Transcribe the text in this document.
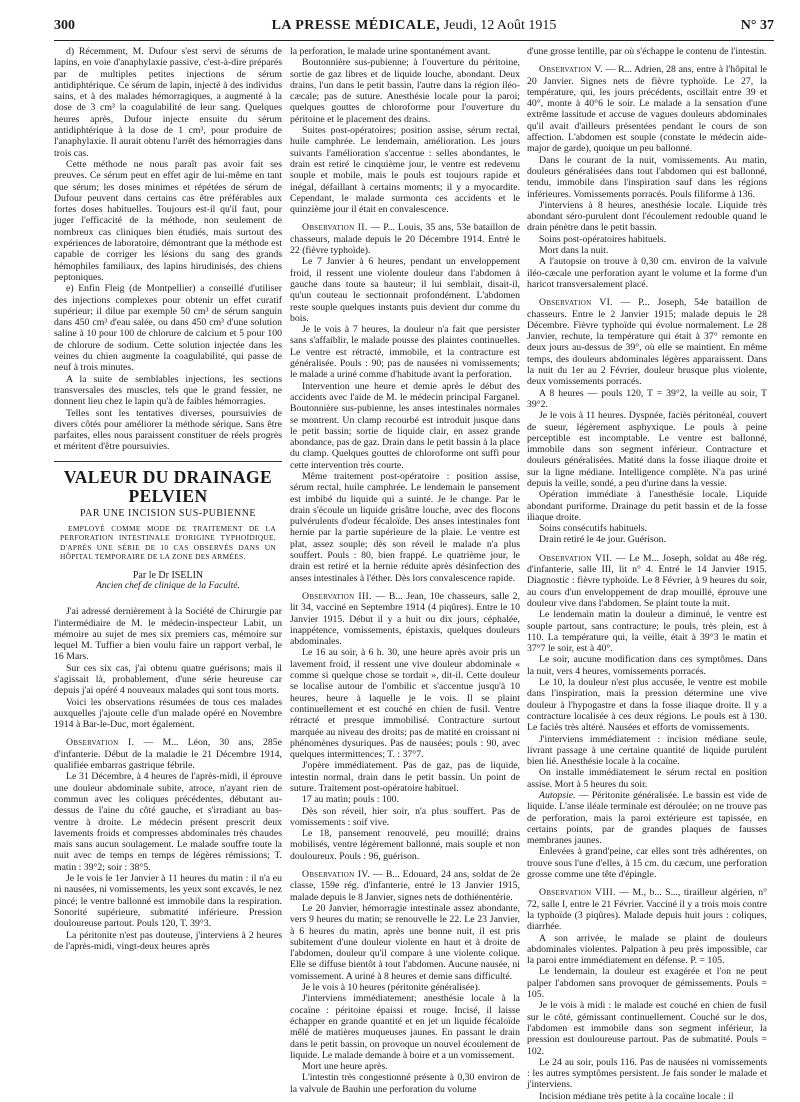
300	LA PRESSE MÉDICALE, Jeudi, 12 Août 1915	N° 37

d) Récemment, M. Dufour s'est servi de sérums de lapins, en voie d'anaphylaxie passive, c'est-à-dire préparés par de multiples petites injections de sérum antidiphtérique. Ce sérum de lapin, injecté à des individus sains, et à des malades hémorragiques, a augmenté à la dose de 3 cm³ la coagulabilité de leur sang. Quelques heures après, Dufour injecte ensuite du sérum antidiphtérique à la dose de 1 cm³, pour produire de l'anaphylaxie. Il aurait obtenu l'arrêt des hémorragies dans trois cas.

Cette méthode ne nous paraît pas avoir fait ses preuves. Ce sérum peut en effet agir de lui-même en tant que sérum; les doses minimes et répétées de sérum de Dufour peuvent dans certains cas être préférables aux fortes doses habituelles. Toujours est-il qu'il faut, pour juger l'efficacité de la méthode, non seulement de nombreux cas cliniques bien étudiés, mais surtout des expériences de laboratoire, démontrant que la méthode est capable de corriger les lésions du sang des grands hémophiles familiaux, des lapins hirudinisés, des chiens peptoniques.

e) Enfin Fleig (de Montpellier) a conseillé d'utiliser des injections complexes pour obtenir un effet curatif supérieur; il dilue par exemple 50 cm³ de sérum sanguin dans 450 cm³ d'eau salée, ou dans 450 cm³ d'une solution saline à 10 pour 100 de chlorure de calcium et 5 pour 100 de chlorure de sodium. Cette solution injectée dans les veines du chien augmente la coagulabilité, qui passe de neuf à trois minutes.

A la suite de semblables injections, les sections transversales des muscles, tels que le grand fessier, ne donnent lieu chez le lapin qu'à de faibles hémorragies.

Telles sont les tentatives diverses, poursuivies de divers côtés pour améliorer la méthode sérique. Sans être parfaites, elles nous paraissent constituer de réels progrès et méritent d'être poursuivies.

VALEUR DU DRAINAGE PELVIEN
PAR UNE INCISION SUS-PUBIENNE
EMPLOYÉ COMME MODE DE TRAITEMENT DE LA PERFORATION INTESTINALE D'ORIGINE TYPHOÏDIQUE, D'APRÈS UNE SÉRIE DE 10 CAS OBSERVÉS DANS UN HÔPITAL TEMPORAIRE DE LA ZONE DES ARMÉES.
Par le Dr ISELIN
Ancien chef de clinique de la Faculté.

J'ai adressé dernièrement à la Société de Chirurgie par l'intermédiaire de M. le médecin-inspecteur Labit, un mémoire au sujet de mes six premiers cas, mémoire sur lequel M. Tuffier a bien voulu faire un rapport verbal, le 16 Mars.

Sur ces six cas, j'ai obtenu quatre guérisons; mais il s'agissait là, probablement, d'une série heureuse car depuis j'ai opéré 4 nouveaux malades qui sont tous morts.

Voici les observations résumées de tous ces malades auxquelles j'ajoute celle d'un malade opéré en Novembre 1914 à Bar-le-Duc, mort également.

Observation I. — M... Léon, 30 ans, 285e d'infanterie. Début de la maladie le 21 Décembre 1914, qualifiée embarras gastrique fébrile.

Le 31 Décembre, à 4 heures de l'après-midi, il éprouve une douleur abdominale subite, atroce, n'ayant rien de commun avec les coliques précédentes, débutant au-dessus de l'aine du côté gauche, et s'irradiant au bas-ventre à droite. Le médecin présent prescrit deux lavements froids et compresses abdominales très chaudes mais sans aucun soulagement. Le malade souffre toute la nuit avec de temps en temps de légères rémissions; T. matin : 39°2; soir : 38°5.

Je le vois le 1er Janvier à 11 heures du matin : il n'a eu ni nausées, ni vomissements, les yeux sont excavés, le nez pincé; le ventre ballonné est immobile dans la respiration. Sonorité supérieure, submatité inférieure. Pression douloureuse partout. Pouls 120, T. 39°3.

La péritonite n'est pas douteuse, j'interviens à 2 heures de l'après-midi, vingt-deux heures après

la perforation, le malade urine spontanément avant.

Boutonnière sus-pubienne; à l'ouverture du péritoine, sortie de gaz libres et de liquide louche, abondant. Deux drains, l'un dans le petit bassin, l'autre dans la région iléo-cæcale; pas de suture. Anesthésie locale pour la paroi; quelques gouttes de chloroforme pour l'ouverture du péritoine et le placement des drains.

Suites post-opératoires; position assise, sérum rectal, huile camphrée. Le lendemain, amélioration. Les jours suivants l'amélioration s'accentue : selles abondantes, le drain est retiré le cinquième jour, le ventre est redevenu souple et mobile, mais le pouls est toujours rapide et inégal, défaillant à certains moments; il y a myocardite. Cependant, le malade surmonta ces accidents et le quinzième jour il était en convalescence.

Observation II. — P... Louis, 35 ans, 53e bataillon de chasseurs, malade depuis le 20 Décembre 1914. Entré le 22 (fièvre typhoïde).

Le 7 Janvier à 6 heures, pendant un enveloppement froid, il ressent une violente douleur dans l'abdomen à gauche dans toute sa hauteur; il lui semblait, disait-il, qu'un couteau le sectionnait profondément. L'abdomen reste souple quelques instants puis devient dur comme du bois.

Je le vois à 7 heures, la douleur n'a fait que persister sans s'affaiblir, le malade pousse des plaintes continuelles. Le ventre est rétracté, immobile, et la contracture est généralisée. Pouls : 90; pas de nausées ni vomissements; le malade a uriné comme d'habitude avant la perforation.

Intervention une heure et demie après le début des accidents avec l'aide de M. le médecin principal Farganel. Boutonnière sus-pubienne, les anses intestinales normales se montrent. Un clamp recourbé est introduit jusque dans le petit bassin; sortie de liquide clair, en assez grande abondance, pas de gaz. Drain dans le petit bassin à la place du clamp. Quelques gouttes de chloroforme ont suffi pour cette intervention très courte.

Même traitement post-opératoire : position assise, sérum rectal, huile camphrée. Le lendemain le pansement est imbibé du liquide qui a suinté. Je le change. Par le drain s'écoule un liquide grisâtre louche, avec des flocons pulvérulents d'odeur fécaloïde. Des anses intestinales font hernie par la partie supérieure de la plaie. Le ventre est plat, assez souple; dès son réveil le malade n'a plus souffert. Pouls : 80, bien frappé. Le quatrième jour, le drain est retiré et la hernie réduite après désinfection des anses intestinales à l'éther. Dès lors convalescence rapide.

Observation III. — B... Jean, 10e chasseurs, salle 2, lit 34, vacciné en Septembre 1914 (4 piqûres). Entre le 10 Janvier 1915. Début il y a huit ou dix jours, céphalée, inappétence, vomissements, épistaxis, quelques douleurs abdominales.

Le 16 au soir, à 6 h. 30, une heure après avoir pris un lavement froid, il ressent une vive douleur abdominale « comme si quelque chose se tordait », dit-il. Cette douleur se localise autour de l'ombilic et s'accentue jusqu'à 10 heures, heure à laquelle je le vois. Il se plaint continuellement et est couché en chien de fusil. Ventre rétracté et presque immobilisé. Contracture surtout marquée au niveau des droits; pas de matité en croissant ni phénomènes dysuriques. Pas de nausées; pouls : 90, avec quelques intermittences; T. : 37°7.

J'opère immédiatement. Pas de gaz, pas de liquide, intestin normal, drain dans le petit bassin. Un point de suture. Traitement post-opératoire habituel.

17 au matin; pouls : 100.

Dès son réveil, hier soir, n'a plus souffert. Pas de vomissements : soif vive.

Le 18, pansement renouvelé, peu mouillé; drains mobilisés, ventre légèrement ballonné, mais souple et non douloureux. Pouls : 96, guérison.

Observation IV. — B... Edouard, 24 ans, soldat de 2e classe, 159e rég. d'infanterie, entré le 13 Janvier 1915, malade depuis le 8 Janvier, signes nets de dothiénentérie.

Le 20 Janvier, hémorragie intestinale assez abondante, vers 9 heures du matin; se renouvelle le 22. Le 23 Janvier, à 6 heures du matin, après une bonne nuit, il est pris subitement d'une douleur violente en haut et à droite de l'abdomen, douleur qu'il compare à une violente colique. Elle se diffuse bientôt à tout l'abdomen. Aucune nausée, ni vomissement. A uriné à 8 heures et demie sans difficulté.

Je le vois à 10 heures (péritonite généralisée).

J'interviens immédiatement; anesthésie locale à la cocaïne : péritoine épaissi et rouge. Incisé, il laisse échapper en grande quantité et en jet un liquide fécaloïde mêlé de matières muqueuses jaunes. En passant le drain dans le petit bassin, on provoque un nouvel écoulement de liquide. Le malade demande à boire et a un vomissement.

Mort une heure après.

L'intestin très congestionné présente à 0,30 environ de la valvule de Bauhin une perforation du volume

d'une grosse lentille, par où s'échappe le contenu de l'intestin.

Observation V. — R... Adrien, 28 ans, entre à l'hôpital le 20 Janvier. Signes nets de fièvre typhoïde. Le 27, la température, qui, les jours précédents, oscillait entre 39 et 40°, monte à 40°6 le soir. Le malade a la sensation d'une extrême lassitude et accuse de vagues douleurs abdominales qu'il avait d'ailleurs présentées pendant le cours de son affection. L'abdomen est souple (constate le médecin aide-major de garde), quoique un peu ballonné.

Dans le courant de la nuit, vomissements. Au matin, douleurs généralisées dans tout l'abdomen qui est ballonné, tendu, immobile dans l'inspiration sauf dans les régions inférieures. Vomissements porracés. Pouls filiforme à 136.

J'interviens à 8 heures, anesthésie locale. Liquide très abondant séro-purulent dont l'écoulement redouble quand le drain pénètre dans le petit bassin.

Soins post-opératoires habituels.

Mort dans la nuit.

A l'autopsie on trouve à 0,30 cm. environ de la valvule iléo-cæcale une perforation ayant le volume et la forme d'un haricot transversalement placé.

Observation VI. — P... Joseph, 54e bataillon de chasseurs. Entre le 2 Janvier 1915; malade depuis le 28 Décembre. Fièvre typhoïde qui évolue normalement. Le 28 Janvier, rechute, la température qui était à 37° remonte en deux jours au-dessus de 39°, où elle se maintient. En même temps, des douleurs abdominales légères apparaissent. Dans la nuit du 1er au 2 Février, douleur brusque plus violente, deux vomissements porracés.

A 8 heures — pouls 120, T = 39°2, la veille au soir, T 39°2.

Je le vois à 11 heures. Dyspnée, faciès péritonéal, couvert de sueur, légèrement asphyxique. Le pouls à peine perceptible est incomptable. Le ventre est ballonné, immobile dans son segment inférieur. Contracture et douleurs généralisées. Matité dans la fosse iliaque droite et sur la ligne médiane. Intelligence complète. N'a pas uriné depuis la veille, sondé, a peu d'urine dans la vessie.

Opération immédiate à l'anesthésie locale. Liquide abondant puriforme. Drainage du petit bassin et de la fosse iliaque droite.

Soins consécutifs habituels.

Drain retiré le 4e jour. Guérison.

Observation VII. — Le M... Joseph, soldat au 48e rég. d'infanterie, salle III, lit n° 4. Entré le 14 Janvier 1915. Diagnostic : fièvre typhoïde. Le 8 Février, à 9 heures du soir, au cours d'un enveloppement de drap mouillé, éprouve une douleur vive dans l'abdomen. Se plaint toute la nuit.

Le lendemain matin la douleur a diminué, le ventre est souple partout, sans contracture; le pouls, très plein, est à 110. La température qui, la veille, était à 39°3 le matin et 37°7 le soir, est à 40°.

Le soir, aucune modification dans ces symptômes. Dans la nuit, vers 4 heures, vomissements porracés.

Le 10, la douleur n'est plus accusée, le ventre est mobile dans l'inspiration, mais la pression détermine une vive douleur à l'hypogastre et dans la fosse iliaque droite. Il y a contracture localisée à ces deux régions. Le pouls est à 130. Le faciès très altéré. Nausées et efforts de vomissements.

J'interviens immédiatement : incision médiane seule, livrant passage à une certaine quantité de liquide purulent bien lié. Anesthésie locale à la cocaïne.

On installe immédiatement le sérum rectal en position assise. Mort à 5 heures du soir.

Autopsie. — Péritonite généralisée. Le bassin est vide de liquide. L'anse iléale terminale est déroulée; on ne trouve pas de perforation, mais la paroi extérieure est tapissée, en certains points, par de grandes plaques de fausses membranes jaunes.

Enlevées à grand'peine, car elles sont très adhérentes, on trouve sous l'une d'elles, à 15 cm. du cæcum, une perforation grosse comme une tête d'épingle.

Observation VIII. — M., b... S..., tirailleur algérien, n° 72, salle I, entre le 21 Février. Vacciné il y a trois mois contre la typhoïde (3 piqûres). Malade depuis huit jours : coliques, diarrhée.

A son arrivée, le malade se plaint de douleurs abdominales violentes. Palpation à peu près impossible, car la paroi entre immédiatement en défense. P. = 105.

Le lendemain, la douleur est exagérée et l'on ne peut palper l'abdomen sans provoquer de gémissements. Pouls = 105.

Je le vois à midi : le malade est couché en chien de fusil sur le côté, gémissant continuellement. Couché sur le dos, l'abdomen est immobile dans son segment inférieur, la pression est douloureuse partout. Pas de submatité. Pouls = 102.

Le 24 au soir, pouls 116. Pas de nausées ni vomissements : les autres symptômes persistent. Je fais sonder le malade et j'interviens.

Incision médiane très petite à la cocaïne locale : il
